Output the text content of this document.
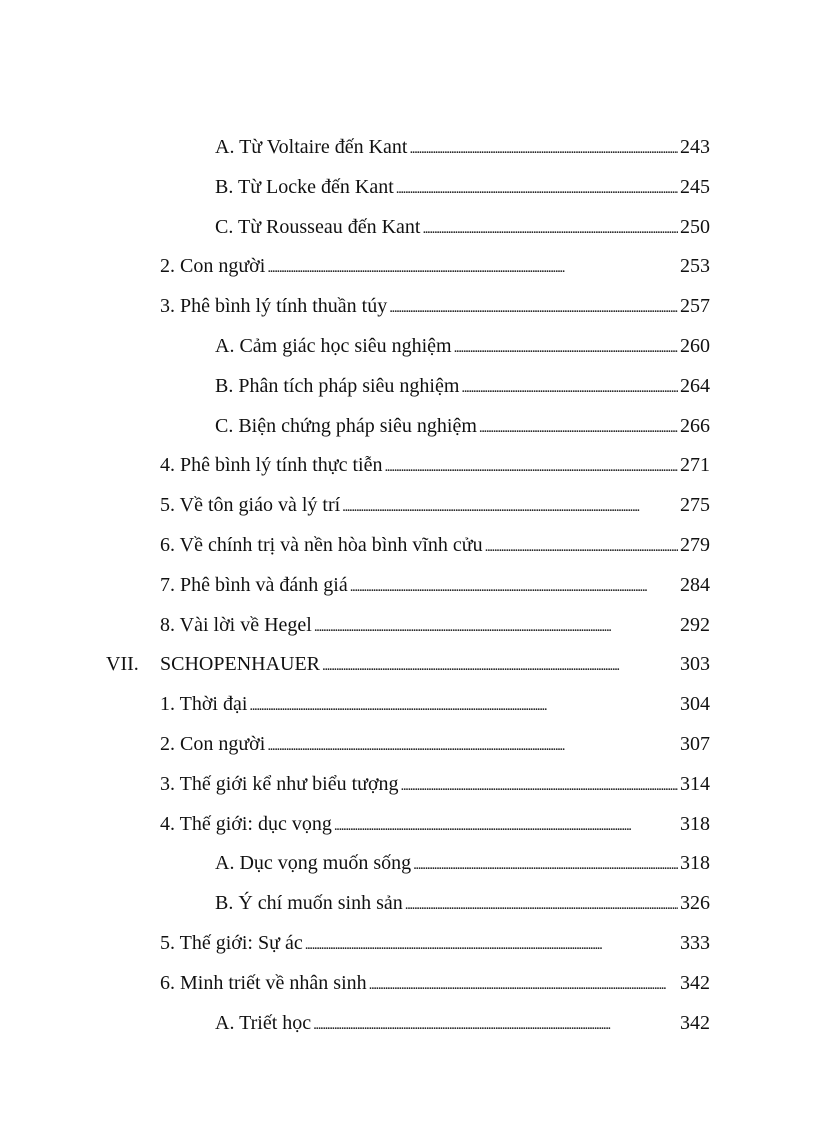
A. Từ Voltaire đến Kant . . .	243
B. Từ Locke đến Kant . . .	245
C. Từ Rousseau đến Kant . . .	250
2. Con người . . .	253
3. Phê bình lý tính thuần túy . . .	257
A. Cảm giác học siêu nghiệm . . .	260
B. Phân tích pháp siêu nghiệm . . .	264
C. Biện chứng pháp siêu nghiệm . . .	266
4. Phê bình lý tính thực tiễn . . .	271
5. Về tôn giáo và lý trí . . .	275
6. Về chính trị và nền hòa bình vĩnh cửu . . .	279
7. Phê bình và đánh giá . . .	284
8. Vài lời về Hegel . . .	292
VII. SCHOPENHAUER . . .	303
1. Thời đại . . .	304
2. Con người . . .	307
3. Thế giới kể như biểu tượng . . .	314
4. Thế giới: dục vọng . . .	318
A. Dục vọng muốn sống . . .	318
B. Ý chí muốn sinh sản . . .	326
5. Thế giới: Sự ác . . .	333
6. Minh triết về nhân sinh . . .	342
A. Triết học . . .	342
